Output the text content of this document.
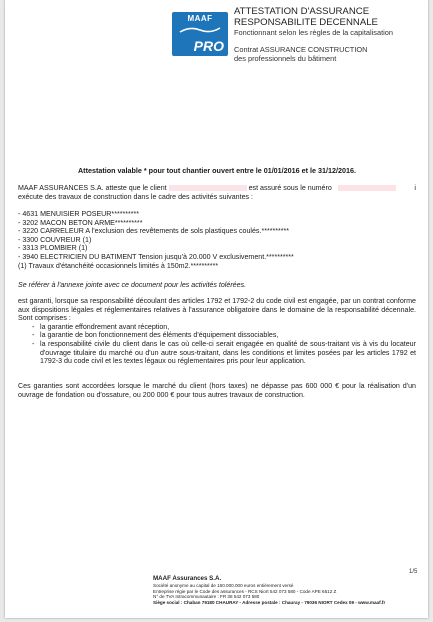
MAAF
PRO
ATTESTATION D'ASSURANCE
RESPONSABILITE DECENNALE
Fonctionnant selon les règles de la capitalisation
Contrat ASSURANCE CONSTRUCTION
des professionnels du bâtiment
Attestation valable * pour tout chantier ouvert entre le 01/01/2016 et le 31/12/2016.
MAAF ASSURANCES S.A. atteste que le client	est assuré sous le numéro	i
exécute des travaux de construction dans le cadre des activités suivantes :
- 4631 MENUISIER POSEUR**********
- 3202 MACON BETON ARME**********
- 3220 CARRELEUR A l'exclusion des revêtements de sols plastiques coulés.**********
- 3300 COUVREUR (1)
- 3313 PLOMBIER (1)
- 3940 ELECTRICIEN DU BATIMENT Tension jusqu'à 20.000 V exclusivement.**********
(1) Travaux d'étanchéité occasionnels limités à 150m2.**********
Se référer à l'annexe jointe avec ce document pour les activités tolérées.
est garanti, lorsque sa responsabilité découlant des articles 1792 et 1792-2 du code civil est engagée, par un contrat conforme aux dispositions légales et réglementaires relatives à l'assurance obligatoire dans le domaine de la responsabilité décennale. Sont comprises :
- la garantie effondrement avant réception,
- la garantie de bon fonctionnement des éléments d'équipement dissociables,
- la responsabilité civile du client dans le cas où celle-ci serait engagée en qualité de sous-traitant vis à vis du locateur d'ouvrage titulaire du marché ou d'un autre sous-traitant, dans les conditions et limites posées par les articles 1792 et 1792-3 du code civil et les textes légaux ou réglementaires pris pour leur application.
Ces garanties sont accordées lorsque le marché du client (hors taxes) ne dépasse pas 600 000 € pour la réalisation d'un ouvrage de fondation ou d'ossature, ou 200 000 € pour tous autres travaux de construction.
1/5
MAAF Assurances S.A.
Société anonyme au capital de 160.000.000 euros entièrement versé
Entreprise régie par le Code des assurances - RCS Niort 542 073 580 - Code APE 6512 Z
N° de TVA Intracommunautaire : FR 38 542 073 580
Siège social : Chaban 79180 CHAURAY - Adresse postale : Chauray - 79036 NIORT Cedex 09 - www.maaf.fr
